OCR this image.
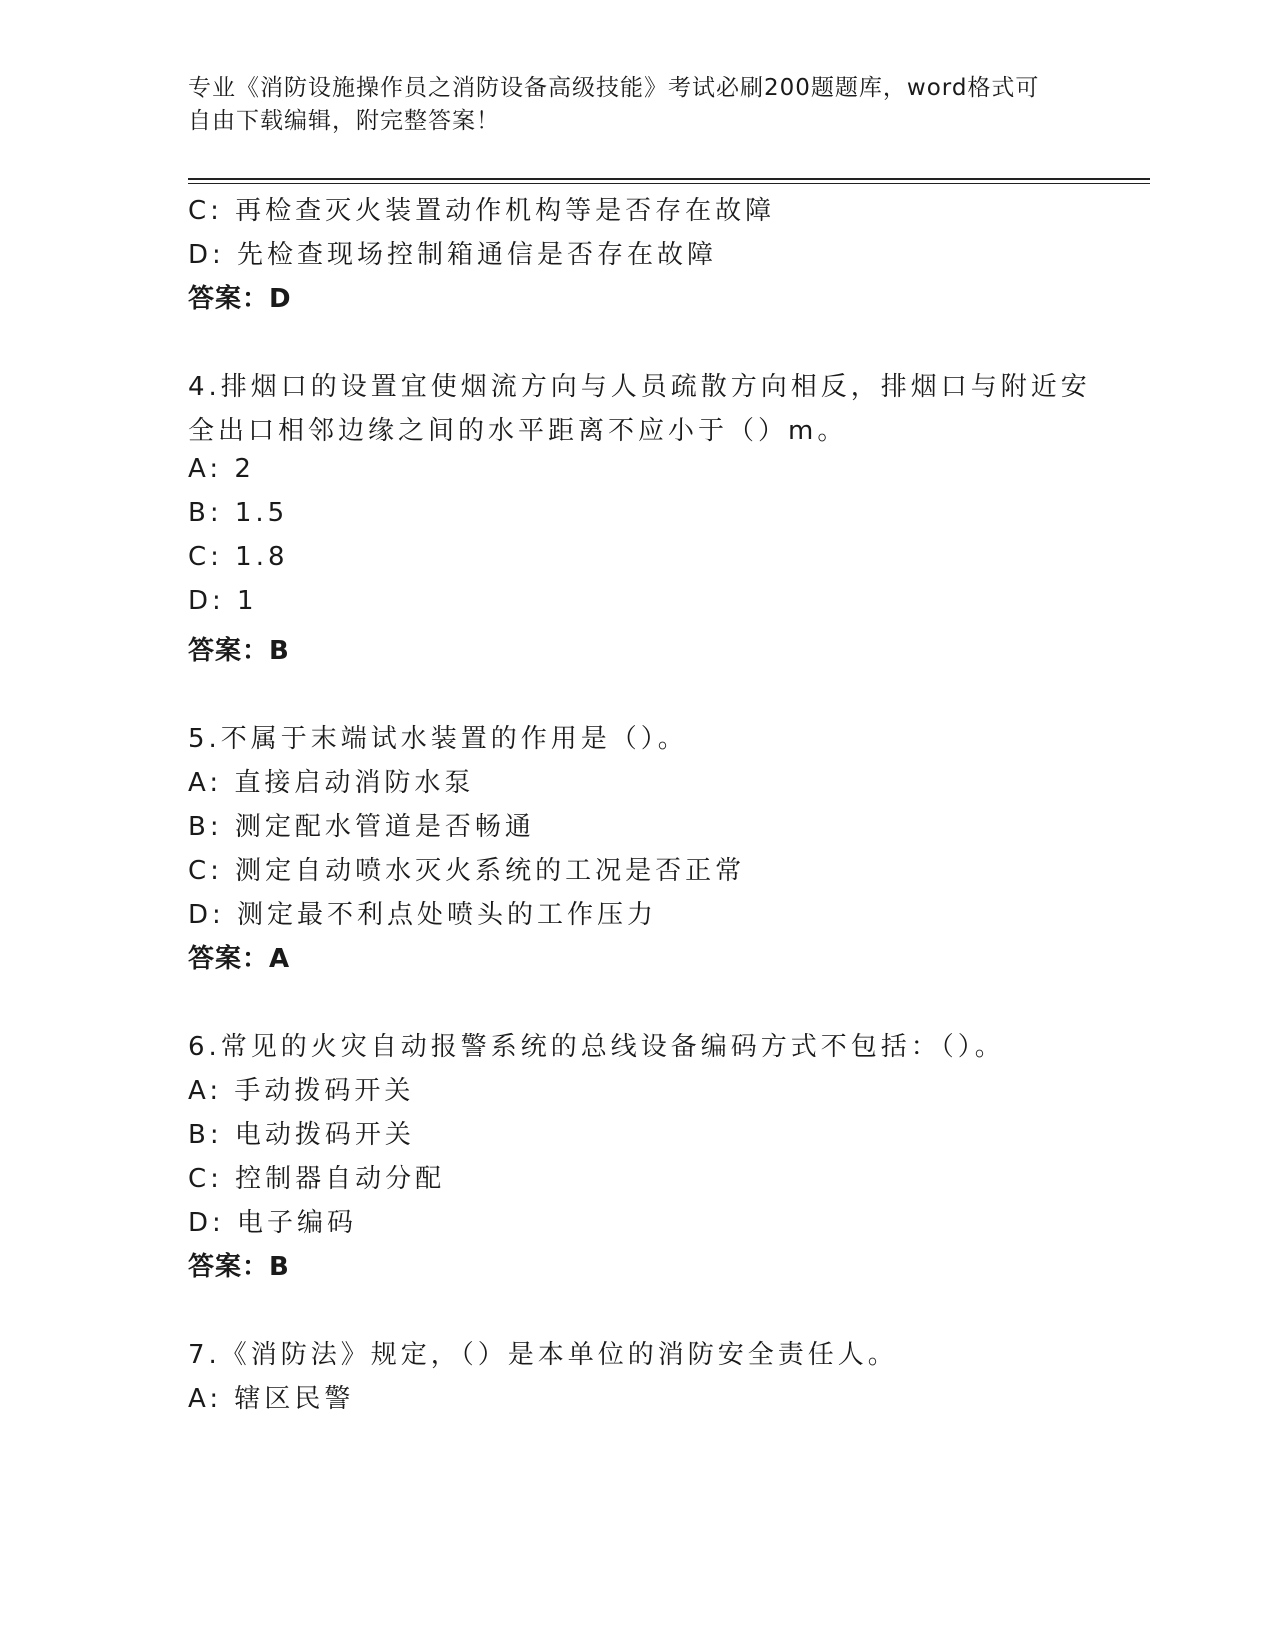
专业《消防设施操作员之消防设备高级技能》考试必刷200题题库，word格式可
自由下载编辑，附完整答案！
C: 再检查灭火装置动作机构等是否存在故障
D: 先检查现场控制箱通信是否存在故障
答案：D
4.排烟口的设置宜使烟流方向与人员疏散方向相反，排烟口与附近安
全出口相邻边缘之间的水平距离不应小于（）m。
A: 2
B: 1.5
C: 1.8
D: 1
答案：B
5.不属于末端试水装置的作用是（）。
A: 直接启动消防水泵
B: 测定配水管道是否畅通
C: 测定自动喷水灭火系统的工况是否正常
D: 测定最不利点处喷头的工作压力
答案：A
6.常见的火灾自动报警系统的总线设备编码方式不包括：（）。
A: 手动拨码开关
B: 电动拨码开关
C: 控制器自动分配
D: 电子编码
答案：B
7.《消防法》规定，（）是本单位的消防安全责任人。
A: 辖区民警
